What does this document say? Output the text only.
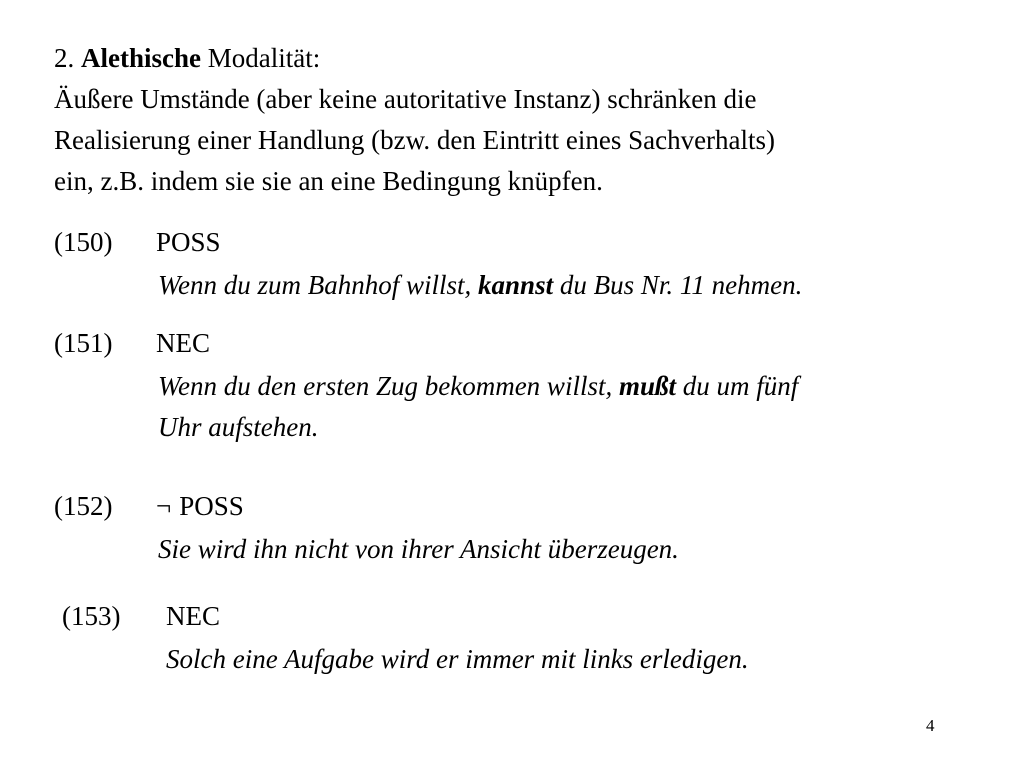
2. Alethische Modalität:
Äußere Umstände (aber keine autoritative Instanz) schränken die
Realisierung einer Handlung (bzw. den Eintritt eines Sachverhalts)
ein, z.B. indem sie sie an eine Bedingung knüpfen.
(150) POSS
Wenn du zum Bahnhof willst, kannst du Bus Nr. 11 nehmen.
(151) NEC
Wenn du den ersten Zug bekommen willst, mußt du um fünf
Uhr aufstehen.
(152) ¬ POSS
Sie wird ihn nicht von ihrer Ansicht überzeugen.
(153) NEC
Solch eine Aufgabe wird er immer mit links erledigen.
4
